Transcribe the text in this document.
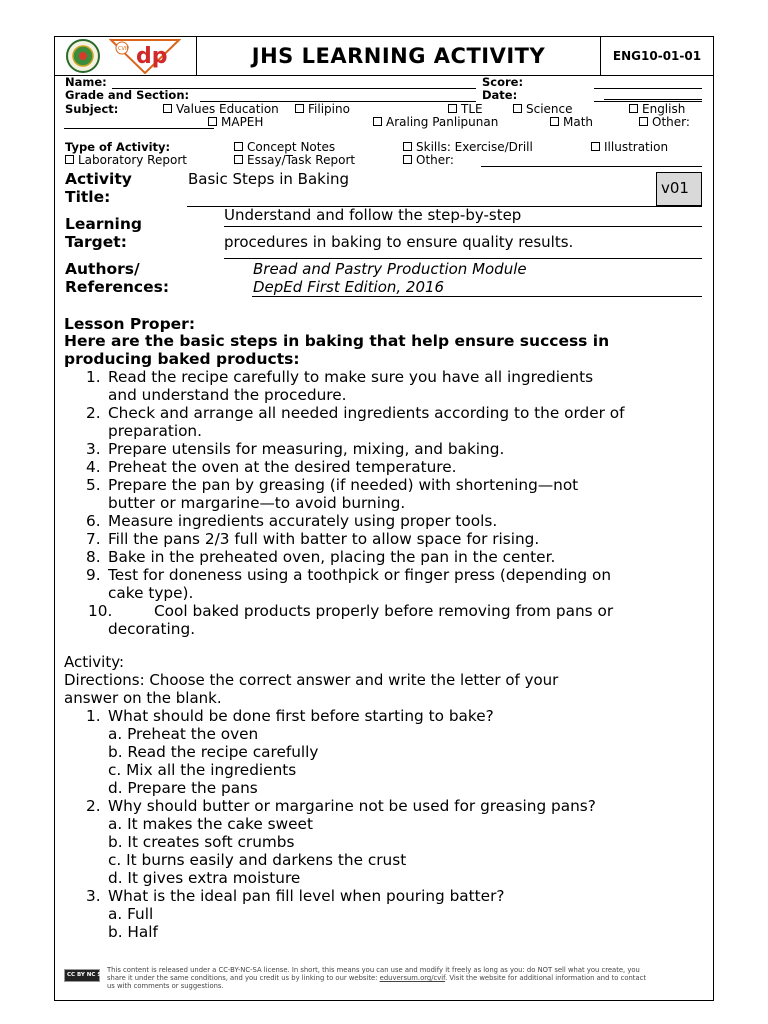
CVIF dp	JHS LEARNING ACTIVITY	ENG10-01-01
Name:	Score:
Grade and Section:	Date:
Subject:	Values Education	Filipino	TLE	Science	English
MAPEH	Araling Panlipunan	Math	Other:
Type of Activity:	Concept Notes	Skills: Exercise/Drill	Illustration
Laboratory Report	Essay/Task Report	Other:
Activity
Title:
Basic Steps in Baking	v01
Learning
Target:
Understand and follow the step-by-step
procedures in baking to ensure quality results.
Authors/
References:
Bread and Pastry Production Module
DepEd First Edition, 2016
Lesson Proper:
Here are the basic steps in baking that help ensure success in
producing baked products:
1. Read the recipe carefully to make sure you have all ingredients
and understand the procedure.
2. Check and arrange all needed ingredients according to the order of
preparation.
3. Prepare utensils for measuring, mixing, and baking.
4. Preheat the oven at the desired temperature.
5. Prepare the pan by greasing (if needed) with shortening—not
butter or margarine—to avoid burning.
6. Measure ingredients accurately using proper tools.
7. Fill the pans 2/3 full with batter to allow space for rising.
8. Bake in the preheated oven, placing the pan in the center.
9. Test for doneness using a toothpick or finger press (depending on
cake type).
10.	Cool baked products properly before removing from pans or
decorating.
Activity:
Directions: Choose the correct answer and write the letter of your
answer on the blank.
1. What should be done first before starting to bake?
a. Preheat the oven
b. Read the recipe carefully
c. Mix all the ingredients
d. Prepare the pans
2. Why should butter or margarine not be used for greasing pans?
a. It makes the cake sweet
b. It creates soft crumbs
c. It burns easily and darkens the crust
d. It gives extra moisture
3. What is the ideal pan fill level when pouring batter?
a. Full
b. Half
CC BY NC SA
This content is released under a CC-BY-NC-SA license. In short, this means you can use and modify it freely as long as you: do NOT sell what you create, you
share it under the same conditions, and you credit us by linking to our website: eduversum.org/cvif. Visit the website for additional information and to contact
us with comments or suggestions.
